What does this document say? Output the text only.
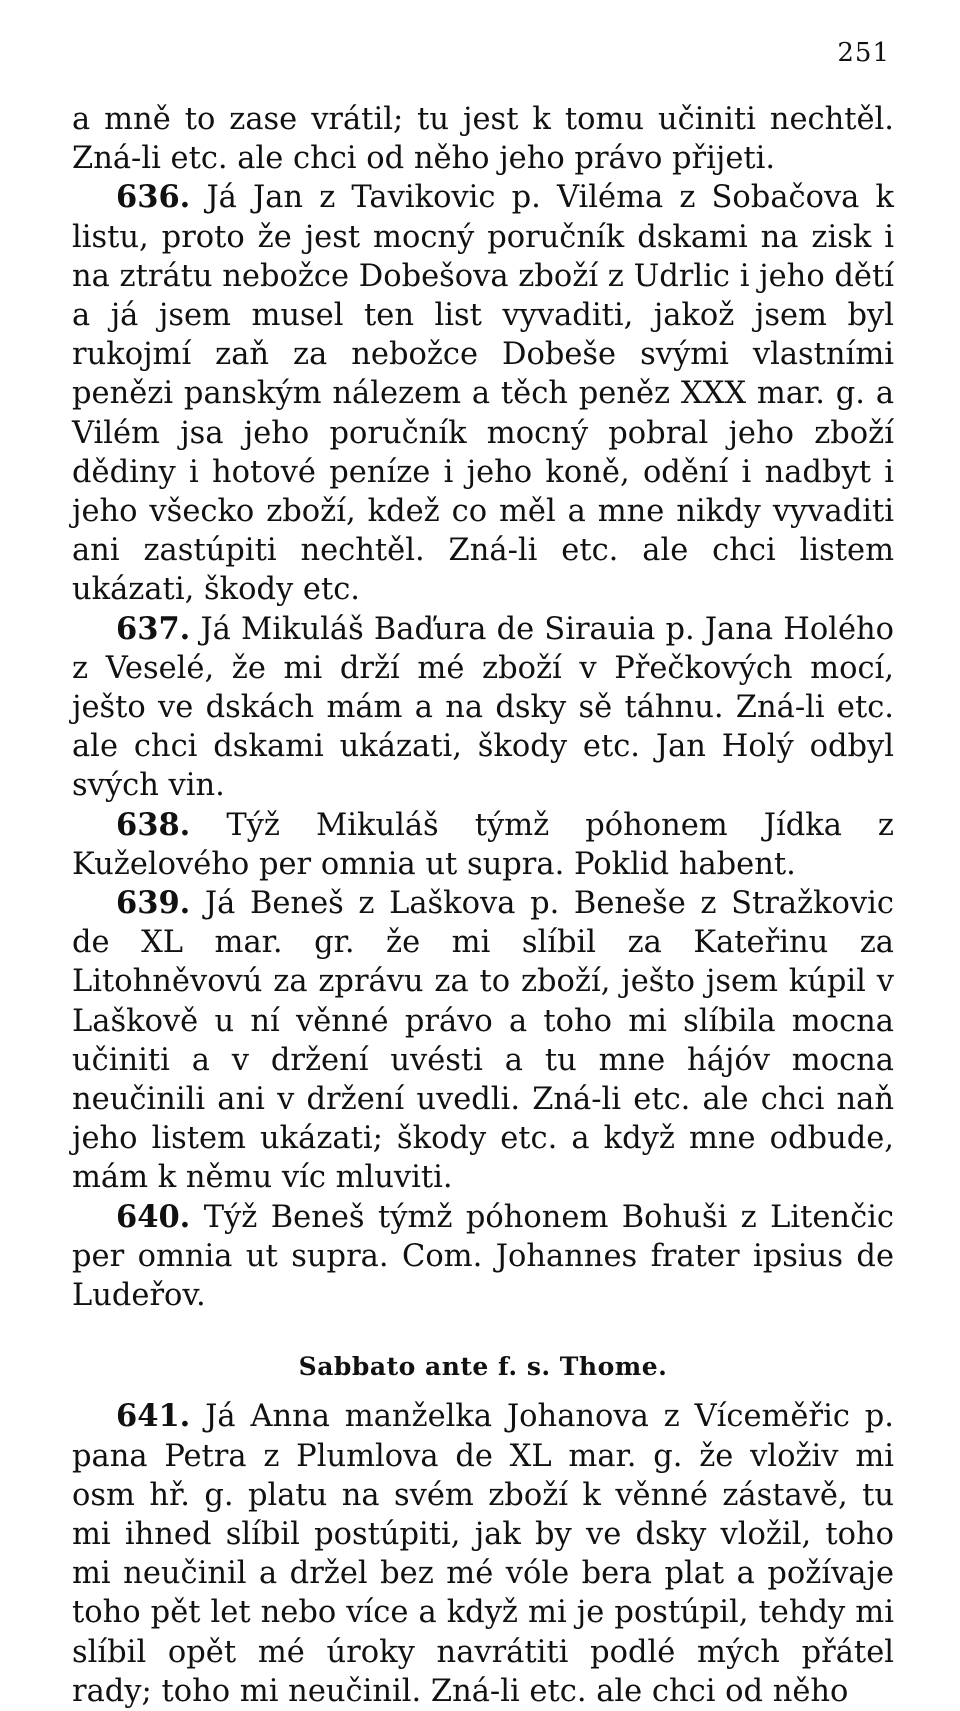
251

a mně to zase vrátil; tu jest k tomu učiniti nechtěl. Zná-li etc. ale chci od něho jeho právo přijeti.

636. Já Jan z Tavikovic p. Viléma z Sobačova k listu, proto že jest mocný poručník dskami na zisk i na ztrátu nebožce Dobešova zboží z Udrlic i jeho dětí a já jsem musel ten list vyvaditi, jakož jsem byl rukojmí zaň za nebožce Dobeše svými vlastními penězi panským nálezem a těch peněz XXX mar. g. a Vilém jsa jeho poručník mocný pobral jeho zboží dědiny i hotové peníze i jeho koně, odění i nadbyt i jeho všecko zboží, kdež co měl a mne nikdy vyvaditi ani zastúpiti nechtěl. Zná-li etc. ale chci listem ukázati, škody etc.

637. Já Mikuláš Baďura de Sirauia p. Jana Holého z Veselé, že mi drží mé zboží v Přečkových mocí, ješto ve dskách mám a na dsky sě táhnu. Zná-li etc. ale chci dskami ukázati, škody etc. Jan Holý odbyl svých vin.

638. Týž Mikuláš týmž póhonem Jídka z Kuželového per omnia ut supra. Poklid habent.

639. Já Beneš z Laškova p. Beneše z Stražkovic de XL mar. gr. že mi slíbil za Kateřinu za Litohněvovú za zprávu za to zboží, ješto jsem kúpil v Laškově u ní věnné právo a toho mi slíbila mocna učiniti a v držení uvésti a tu mne hájóv mocna neučinili ani v držení uvedli. Zná-li etc. ale chci naň jeho listem ukázati; škody etc. a když mne odbude, mám k němu víc mluviti.

640. Týž Beneš týmž póhonem Bohuši z Litenčic per omnia ut supra. Com. Johannes frater ipsius de Ludeřov.

Sabbato ante f. s. Thome.

641. Já Anna manželka Johanova z Víceměřic p. pana Petra z Plumlova de XL mar. g. že vloživ mi osm hř. g. platu na svém zboží k věnné zástavě, tu mi ihned slíbil postúpiti, jak by ve dsky vložil, toho mi neučinil a držel bez mé vóle bera plat a požívaje toho pět let nebo více a když mi je postúpil, tehdy mi slíbil opět mé úroky navrátiti podlé mých přátel rady; toho mi neučinil. Zná-li etc. ale chci od něho
